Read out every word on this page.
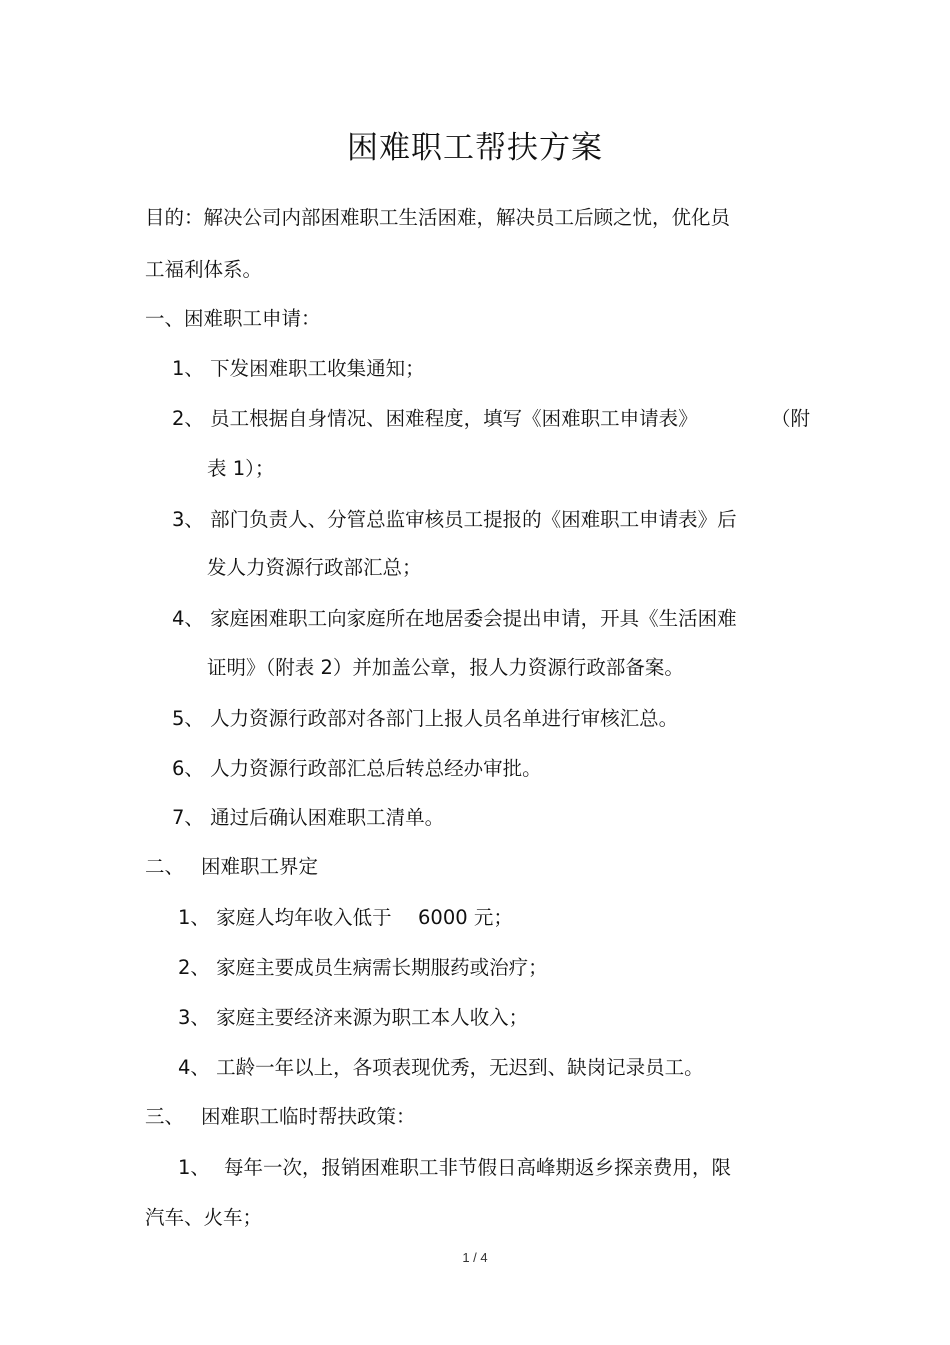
困难职工帮扶方案
目的：解决公司内部困难职工生活困难，解决员工后顾之忧，优化员
工福利体系。
一、困难职工申请：
1、 下发困难职工收集通知；
2、 员工根据自身情况、困难程度，填写《困难职工申请表》	（附
表 1）；
3、 部门负责人、分管总监审核员工提报的《困难职工申请表》后
发人力资源行政部汇总；
4、 家庭困难职工向家庭所在地居委会提出申请，开具《生活困难
证明》（附表 2）并加盖公章，报人力资源行政部备案。
5、 人力资源行政部对各部门上报人员名单进行审核汇总。
6、 人力资源行政部汇总后转总经办审批。
7、 通过后确认困难职工清单。
二、 困难职工界定
1、 家庭人均年收入低于 6000 元；
2、 家庭主要成员生病需长期服药或治疗；
3、 家庭主要经济来源为职工本人收入；
4、 工龄一年以上，各项表现优秀，无迟到、缺岗记录员工。
三、 困难职工临时帮扶政策：
1、 每年一次，报销困难职工非节假日高峰期返乡探亲费用，限
汽车、火车；
1 / 4
